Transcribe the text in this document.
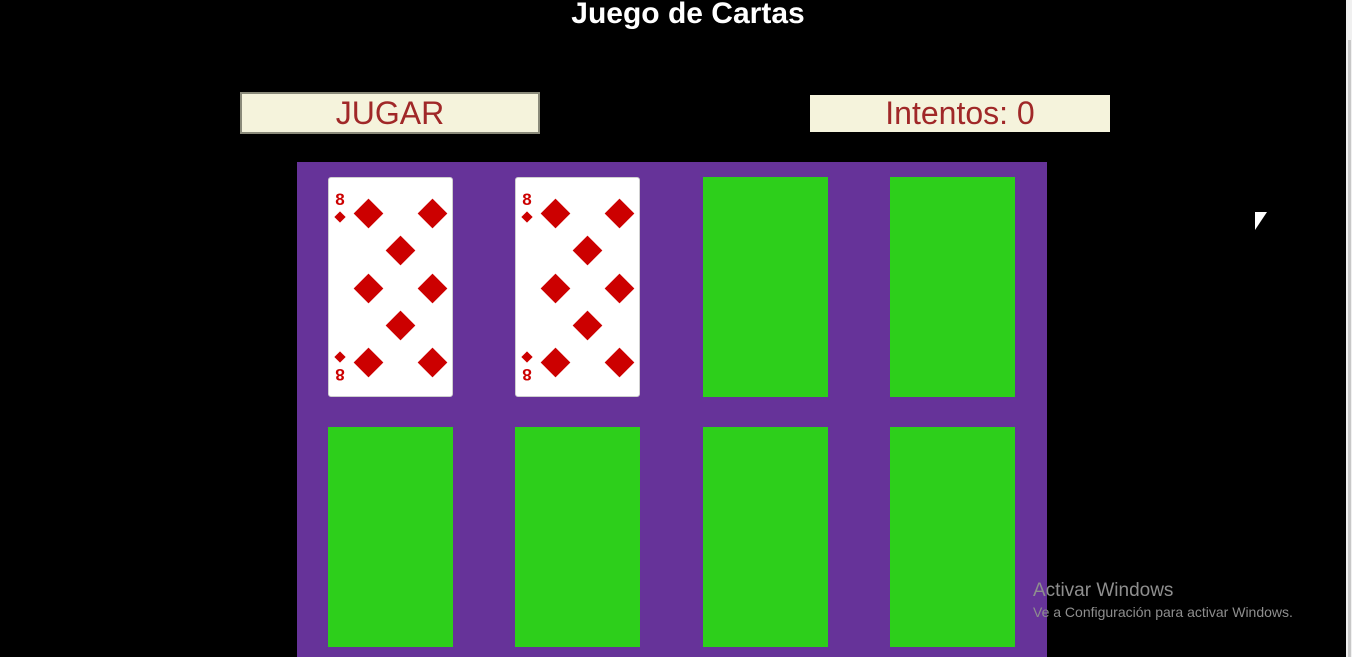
Juego de Cartas
JUGAR	Intentos: 0
8

8

8

8

Activar Windows
Ve a Configuración para activar Windows.
